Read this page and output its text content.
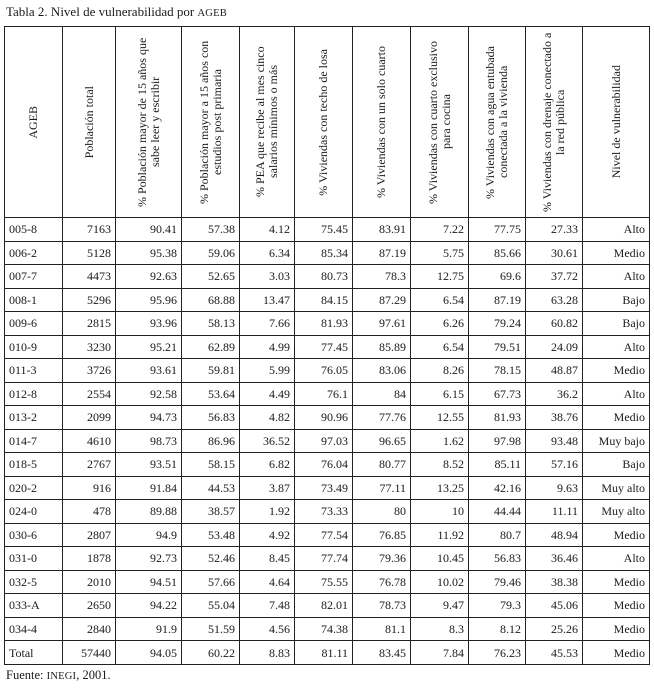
Tabla 2. Nivel de vulnerabilidad por AGEB
AGEB	Población total	% Población mayor de 15 años que sabe leer y escribir	% Población mayor a 15 años con estudios post primaria	% PEA que recibe al mes cinco salarios mínimos o más	% Viviendas con techo de losa	% Viviendas con un solo cuarto	% Viviendas con cuarto exclusivo para cocina	% Viviendas con agua entubada conectada a la vivienda	% Viviendas con drenaje conectado a la red pública	Nivel de vulnerabilidad

005-8	7163	90.41	57.38	4.12	75.45	83.91	7.22	77.75	27.33	Alto
006-2	5128	95.38	59.06	6.34	85.34	87.19	5.75	85.66	30.61	Medio
007-7	4473	92.63	52.65	3.03	80.73	78.3	12.75	69.6	37.72	Alto
008-1	5296	95.96	68.88	13.47	84.15	87.29	6.54	87.19	63.28	Bajo
009-6	2815	93.96	58.13	7.66	81.93	97.61	6.26	79.24	60.82	Bajo
010-9	3230	95.21	62.89	4.99	77.45	85.89	6.54	79.51	24.09	Alto
011-3	3726	93.61	59.81	5.99	76.05	83.06	8.26	78.15	48.87	Medio
012-8	2554	92.58	53.64	4.49	76.1	84	6.15	67.73	36.2	Alto
013-2	2099	94.73	56.83	4.82	90.96	77.76	12.55	81.93	38.76	Medio
014-7	4610	98.73	86.96	36.52	97.03	96.65	1.62	97.98	93.48	Muy bajo
018-5	2767	93.51	58.15	6.82	76.04	80.77	8.52	85.11	57.16	Bajo
020-2	916	91.84	44.53	3.87	73.49	77.11	13.25	42.16	9.63	Muy alto
024-0	478	89.88	38.57	1.92	73.33	80	10	44.44	11.11	Muy alto
030-6	2807	94.9	53.48	4.92	77.54	76.85	11.92	80.7	48.94	Medio
031-0	1878	92.73	52.46	8.45	77.74	79.36	10.45	56.83	36.46	Alto
032-5	2010	94.51	57.66	4.64	75.55	76.78	10.02	79.46	38.38	Medio
033-A	2650	94.22	55.04	7.48	82.01	78.73	9.47	79.3	45.06	Medio
034-4	2840	91.9	51.59	4.56	74.38	81.1	8.3	8.12	25.26	Medio
Total	57440	94.05	60.22	8.83	81.11	83.45	7.84	76.23	45.53	Medio
Fuente: INEGI, 2001.
